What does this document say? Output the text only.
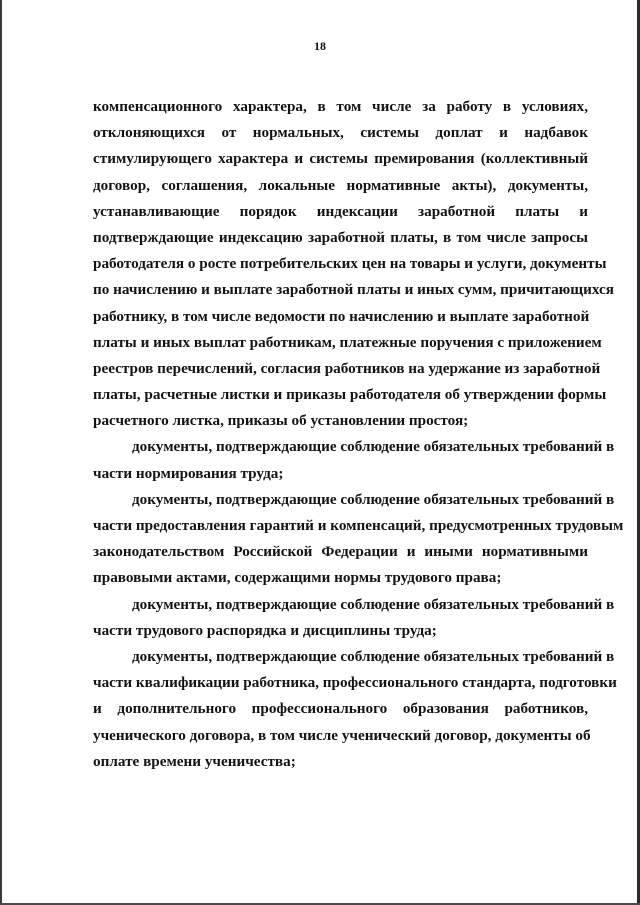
18
компенсационного характера, в том числе за работу в условиях,
отклоняющихся от нормальных, системы доплат и надбавок
стимулирующего характера и системы премирования (коллективный
договор, соглашения, локальные нормативные акты), документы,
устанавливающие порядок индексации заработной платы и
подтверждающие индексацию заработной платы, в том числе запросы
работодателя о росте потребительских цен на товары и услуги, документы
по начислению и выплате заработной платы и иных сумм, причитающихся
работнику, в том числе ведомости по начислению и выплате заработной
платы и иных выплат работникам, платежные поручения с приложением
реестров перечислений, согласия работников на удержание из заработной
платы, расчетные листки и приказы работодателя об утверждении формы
расчетного листка, приказы об установлении простоя;
документы, подтверждающие соблюдение обязательных требований в
части нормирования труда;
документы, подтверждающие соблюдение обязательных требований в
части предоставления гарантий и компенсаций, предусмотренных трудовым
законодательством Российской Федерации и иными нормативными
правовыми актами, содержащими нормы трудового права;
документы, подтверждающие соблюдение обязательных требований в
части трудового распорядка и дисциплины труда;
документы, подтверждающие соблюдение обязательных требований в
части квалификации работника, профессионального стандарта, подготовки
и дополнительного профессионального образования работников,
ученического договора, в том числе ученический договор, документы об
оплате времени ученичества;
